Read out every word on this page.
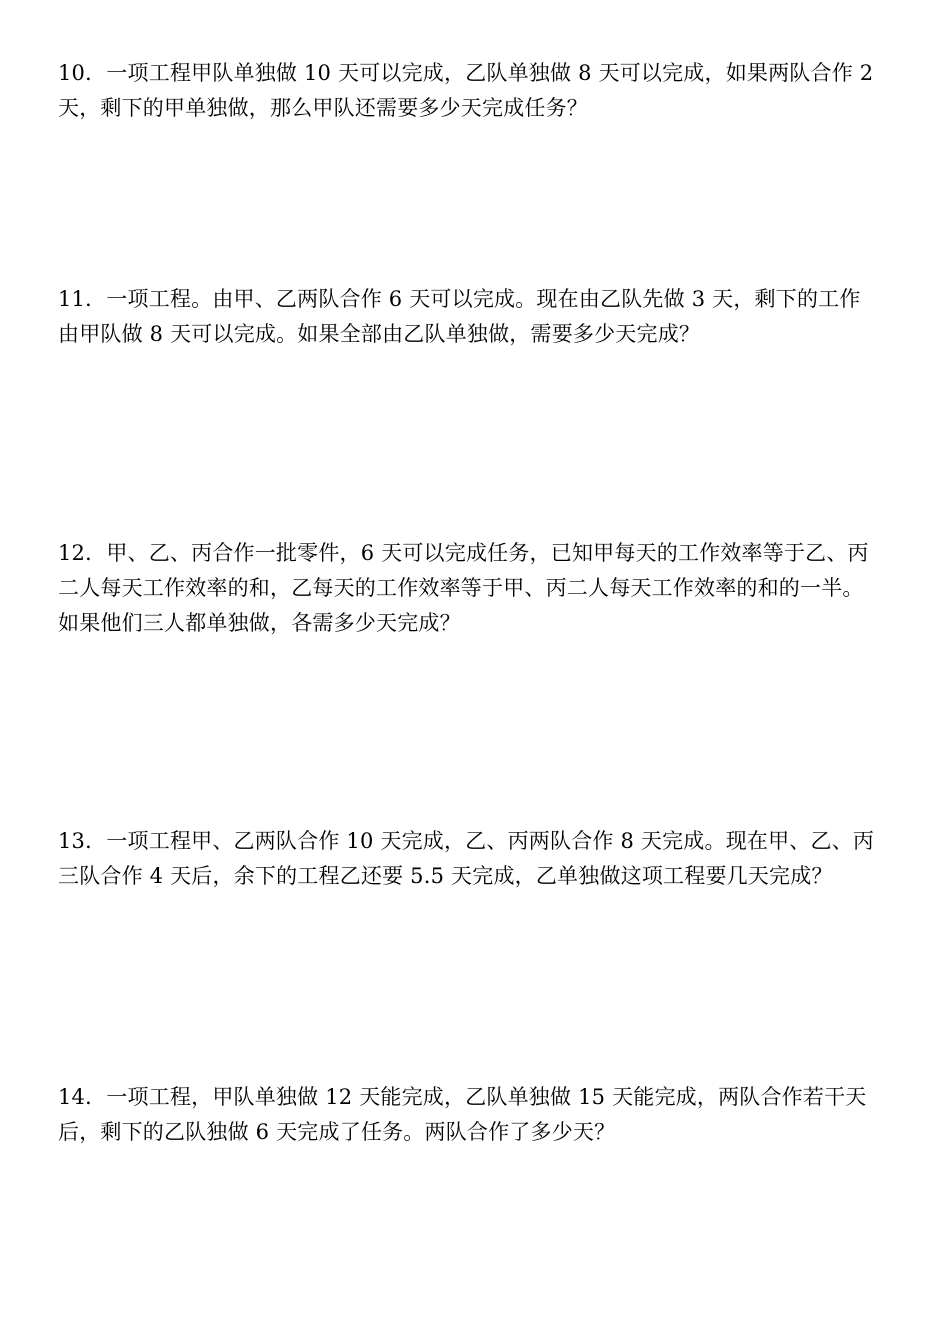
10．一项工程甲队单独做 10 天可以完成，乙队单独做 8 天可以完成，如果两队合作 2
天，剩下的甲单独做，那么甲队还需要多少天完成任务？
11．一项工程。由甲、乙两队合作 6 天可以完成。现在由乙队先做 3 天，剩下的工作
由甲队做 8 天可以完成。如果全部由乙队单独做，需要多少天完成？
12．甲、乙、丙合作一批零件，6 天可以完成任务，已知甲每天的工作效率等于乙、丙
二人每天工作效率的和，乙每天的工作效率等于甲、丙二人每天工作效率的和的一半。
如果他们三人都单独做，各需多少天完成？
13．一项工程甲、乙两队合作 10 天完成，乙、丙两队合作 8 天完成。现在甲、乙、丙
三队合作 4 天后，余下的工程乙还要 5.5 天完成，乙单独做这项工程要几天完成？
14．一项工程，甲队单独做 12 天能完成，乙队单独做 15 天能完成，两队合作若干天
后，剩下的乙队独做 6 天完成了任务。两队合作了多少天？
